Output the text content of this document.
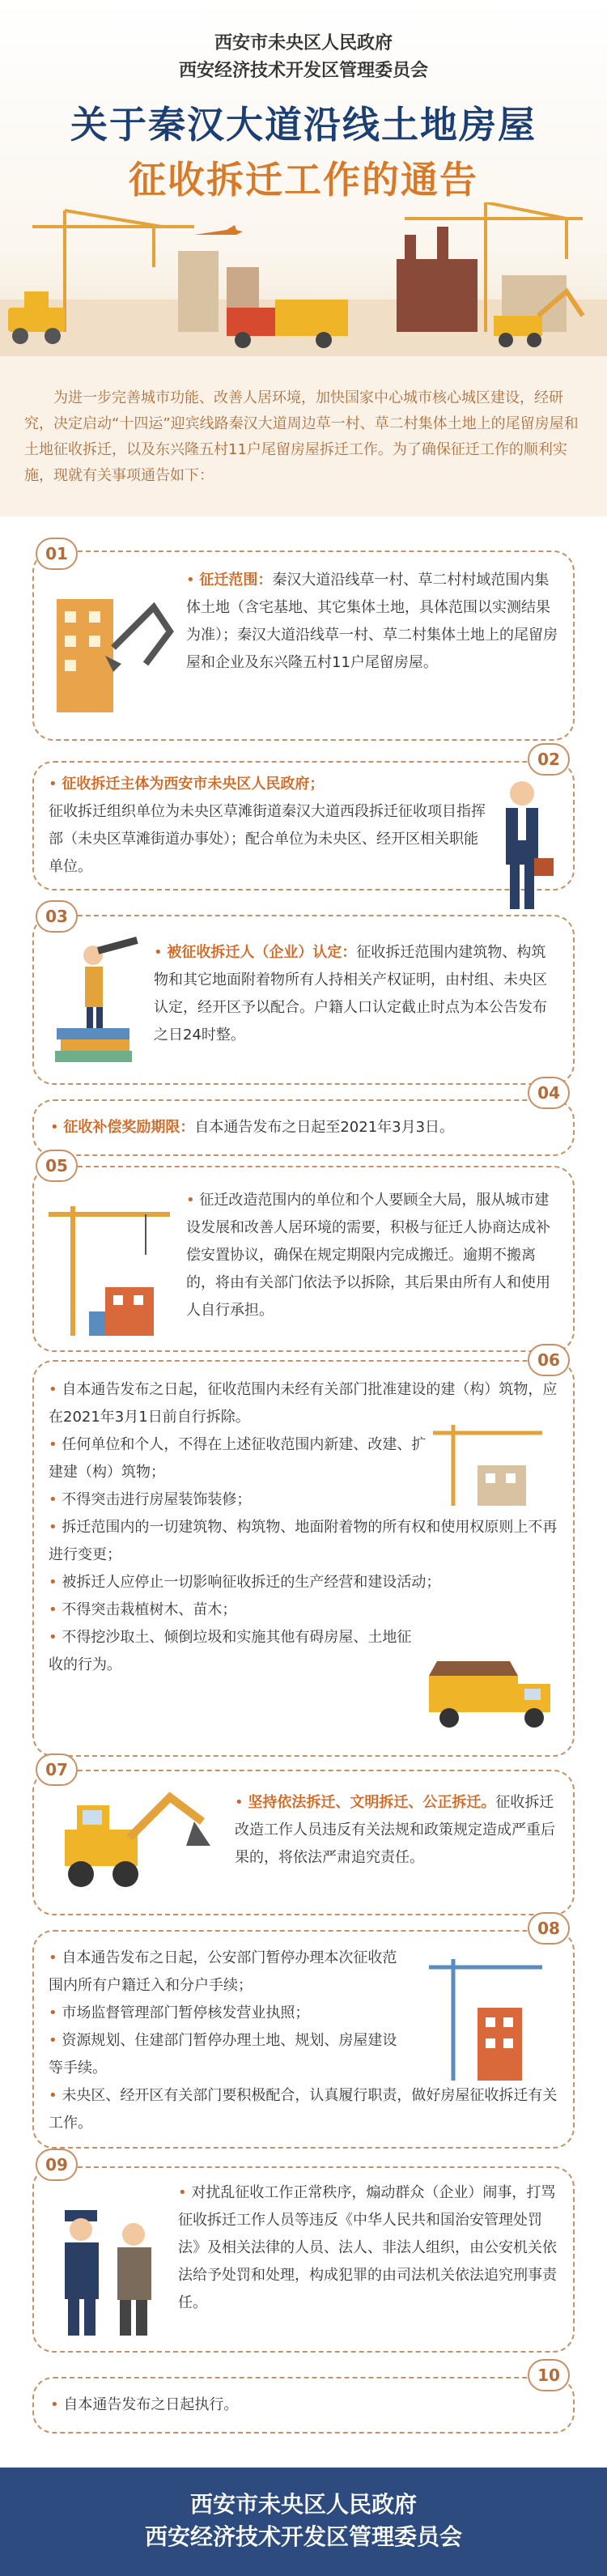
西安市未央区人民政府
西安经济技术开发区管理委员会
关于秦汉大道沿线土地房屋
征收拆迁工作的通告
为进一步完善城市功能、改善人居环境，加快国家中心城市核心城区建设，经研究，决定启动“十四运”迎宾线路秦汉大道周边草一村、草二村集体土地上的尾留房屋和土地征收拆迁，以及东兴隆五村11户尾留房屋拆迁工作。为了确保征迁工作的顺利实施，现就有关事项通告如下：
01
• 征迁范围：秦汉大道沿线草一村、草二村村域范围内集体土地（含宅基地、其它集体土地，具体范围以实测结果为准）；秦汉大道沿线草一村、草二村集体土地上的尾留房屋和企业及东兴隆五村11户尾留房屋。
02
• 征收拆迁主体为西安市未央区人民政府；
征收拆迁组织单位为未央区草滩街道秦汉大道西段拆迁征收项目指挥部（未央区草滩街道办事处）；配合单位为未央区、经开区相关职能单位。
03
• 被征收拆迁人（企业）认定：征收拆迁范围内建筑物、构筑物和其它地面附着物所有人持相关产权证明，由村组、未央区认定，经开区予以配合。户籍人口认定截止时点为本公告发布之日24时整。
04
• 征收补偿奖励期限：自本通告发布之日起至2021年3月3日。
05
• 征迁改造范围内的单位和个人要顾全大局，服从城市建设发展和改善人居环境的需要，积极与征迁人协商达成补偿安置协议，确保在规定期限内完成搬迁。逾期不搬离的，将由有关部门依法予以拆除，其后果由所有人和使用人自行承担。
06
• 自本通告发布之日起，征收范围内未经有关部门批准建设的建（构）筑物，应在2021年3月1日前自行拆除。
• 任何单位和个人，不得在上述征收范围内新建、改建、扩建建（构）筑物；
• 不得突击进行房屋装饰装修；
• 拆迁范围内的一切建筑物、构筑物、地面附着物的所有权和使用权原则上不再进行变更；
• 被拆迁人应停止一切影响征收拆迁的生产经营和建设活动；
• 不得突击栽植树木、苗木；
• 不得挖沙取土、倾倒垃圾和实施其他有碍房屋、土地征收的行为。
07
• 坚持依法拆迁、文明拆迁、公正拆迁。征收拆迁改造工作人员违反有关法规和政策规定造成严重后果的，将依法严肃追究责任。
08
• 自本通告发布之日起，公安部门暂停办理本次征收范围内所有户籍迁入和分户手续；
• 市场监督管理部门暂停核发营业执照；
• 资源规划、住建部门暂停办理土地、规划、房屋建设等手续。
• 未央区、经开区有关部门要积极配合，认真履行职责，做好房屋征收拆迁有关工作。
09
• 对扰乱征收工作正常秩序，煽动群众（企业）闹事，打骂征收拆迁工作人员等违反《中华人民共和国治安管理处罚法》及相关法律的人员、法人、非法人组织，由公安机关依法给予处罚和处理，构成犯罪的由司法机关依法追究刑事责任。
10
• 自本通告发布之日起执行。
西安市未央区人民政府
西安经济技术开发区管理委员会
